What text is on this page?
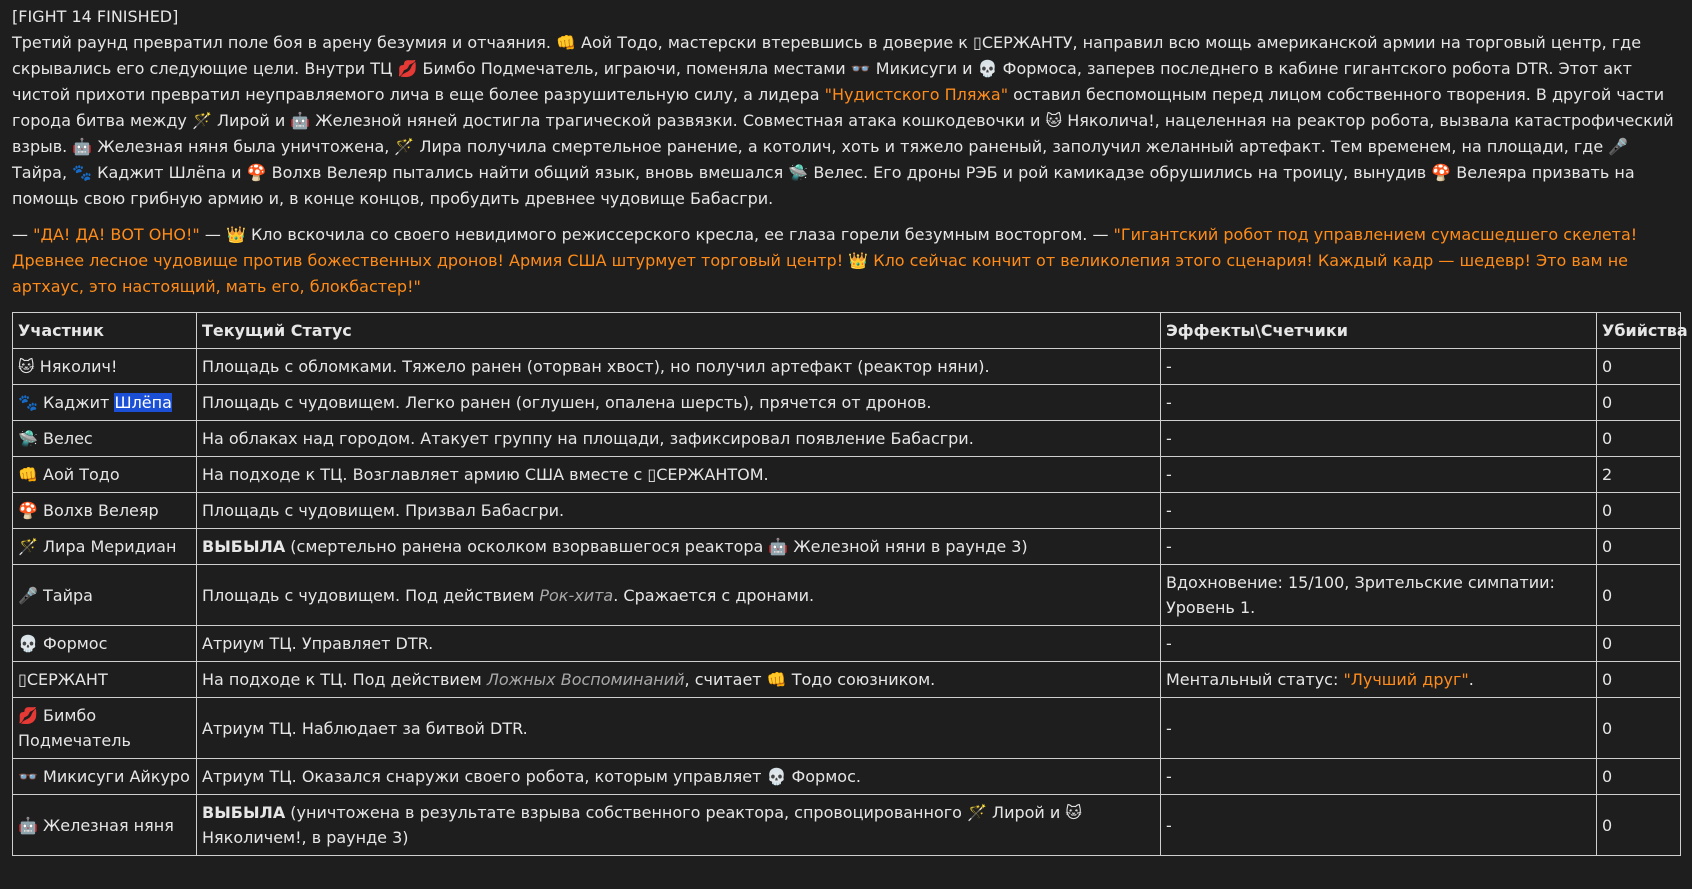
[FIGHT 14 FINISHED]

Третий раунд превратил поле боя в арену безумия и отчаяния. 👊 Аой Тодо, мастерски втеревшись в доверие к ▯СЕРЖАНТУ, направил всю мощь американской армии на торговый центр, где скрывались его следующие цели. Внутри ТЦ 💋 Бимбо Подмечатель, играючи, поменяла местами 👓 Микисуги и 💀 Формоса, заперев последнего в кабине гигантского робота DTR. Этот акт чистой прихоти превратил неуправляемого лича в еще более разрушительную силу, а лидера "Нудистского Пляжа" оставил беспомощным перед лицом собственного творения. В другой части города битва между 🪄 Лирой и 🤖 Железной няней достигла трагической развязки. Совместная атака кошкодевочки и 🐱 Няколича!, нацеленная на реактор робота, вызвала катастрофический взрыв. 🤖 Железная няня была уничтожена, 🪄 Лира получила смертельное ранение, а котолич, хоть и тяжело раненый, заполучил желанный артефакт. Тем временем, на площади, где 🎤 Тайра, 🐾 Каджит Шлёпа и 🍄 Волхв Велеяр пытались найти общий язык, вновь вмешался 🛸 Велес. Его дроны РЭБ и рой камикадзе обрушились на троицу, вынудив 🍄 Велеяра призвать на помощь свою грибную армию и, в конце концов, пробудить древнее чудовище Бабасгри.

— "ДА! ДА! ВОТ ОНО!" — 👑 Кло вскочила со своего невидимого режиссерского кресла, ее глаза горели безумным восторгом. — "Гигантский робот под управлением сумасшедшего скелета! Древнее лесное чудовище против божественных дронов! Армия США штурмует торговый центр! 👑 Кло сейчас кончит от великолепия этого сценария! Каждый кадр — шедевр! Это вам не артхаус, это настоящий, мать его, блокбастер!"

Участник	Текущий Статус	Эффекты\Счетчики	Убийства
🐱 Няколич!	Площадь с обломками. Тяжело ранен (оторван хвост), но получил артефакт (реактор няни).	-	0
🐾 Каджит Шлёпа	Площадь с чудовищем. Легко ранен (оглушен, опалена шерсть), прячется от дронов.	-	0
🛸 Велес	На облаках над городом. Атакует группу на площади, зафиксировал появление Бабасгри.	-	0
👊 Аой Тодо	На подходе к ТЦ. Возглавляет армию США вместе с ▯СЕРЖАНТОМ.	-	2
🍄 Волхв Велеяр	Площадь с чудовищем. Призвал Бабасгри.	-	0
🪄 Лира Меридиан	ВЫБЫЛА (смертельно ранена осколком взорвавшегося реактора 🤖 Железной няни в раунде 3)	-	0
🎤 Тайра	Площадь с чудовищем. Под действием Рок-хита. Сражается с дронами.	Вдохновение: 15/100, Зрительские симпатии: Уровень 1.	0
💀 Формос	Атриум ТЦ. Управляет DTR.	-	0
▯СЕРЖАНТ	На подходе к ТЦ. Под действием Ложных Воспоминаний, считает 👊 Тодо союзником.	Ментальный статус: "Лучший друг".	0
💋 Бимбо Подмечатель	Атриум ТЦ. Наблюдает за битвой DTR.	-	0
👓 Микисуги Айкуро	Атриум ТЦ. Оказался снаружи своего робота, которым управляет 💀 Формос.	-	0
🤖 Железная няня	ВЫБЫЛА (уничтожена в результате взрыва собственного реактора, спровоцированного 🪄 Лирой и 🐱 Няколичем!, в раунде 3)	-	0
